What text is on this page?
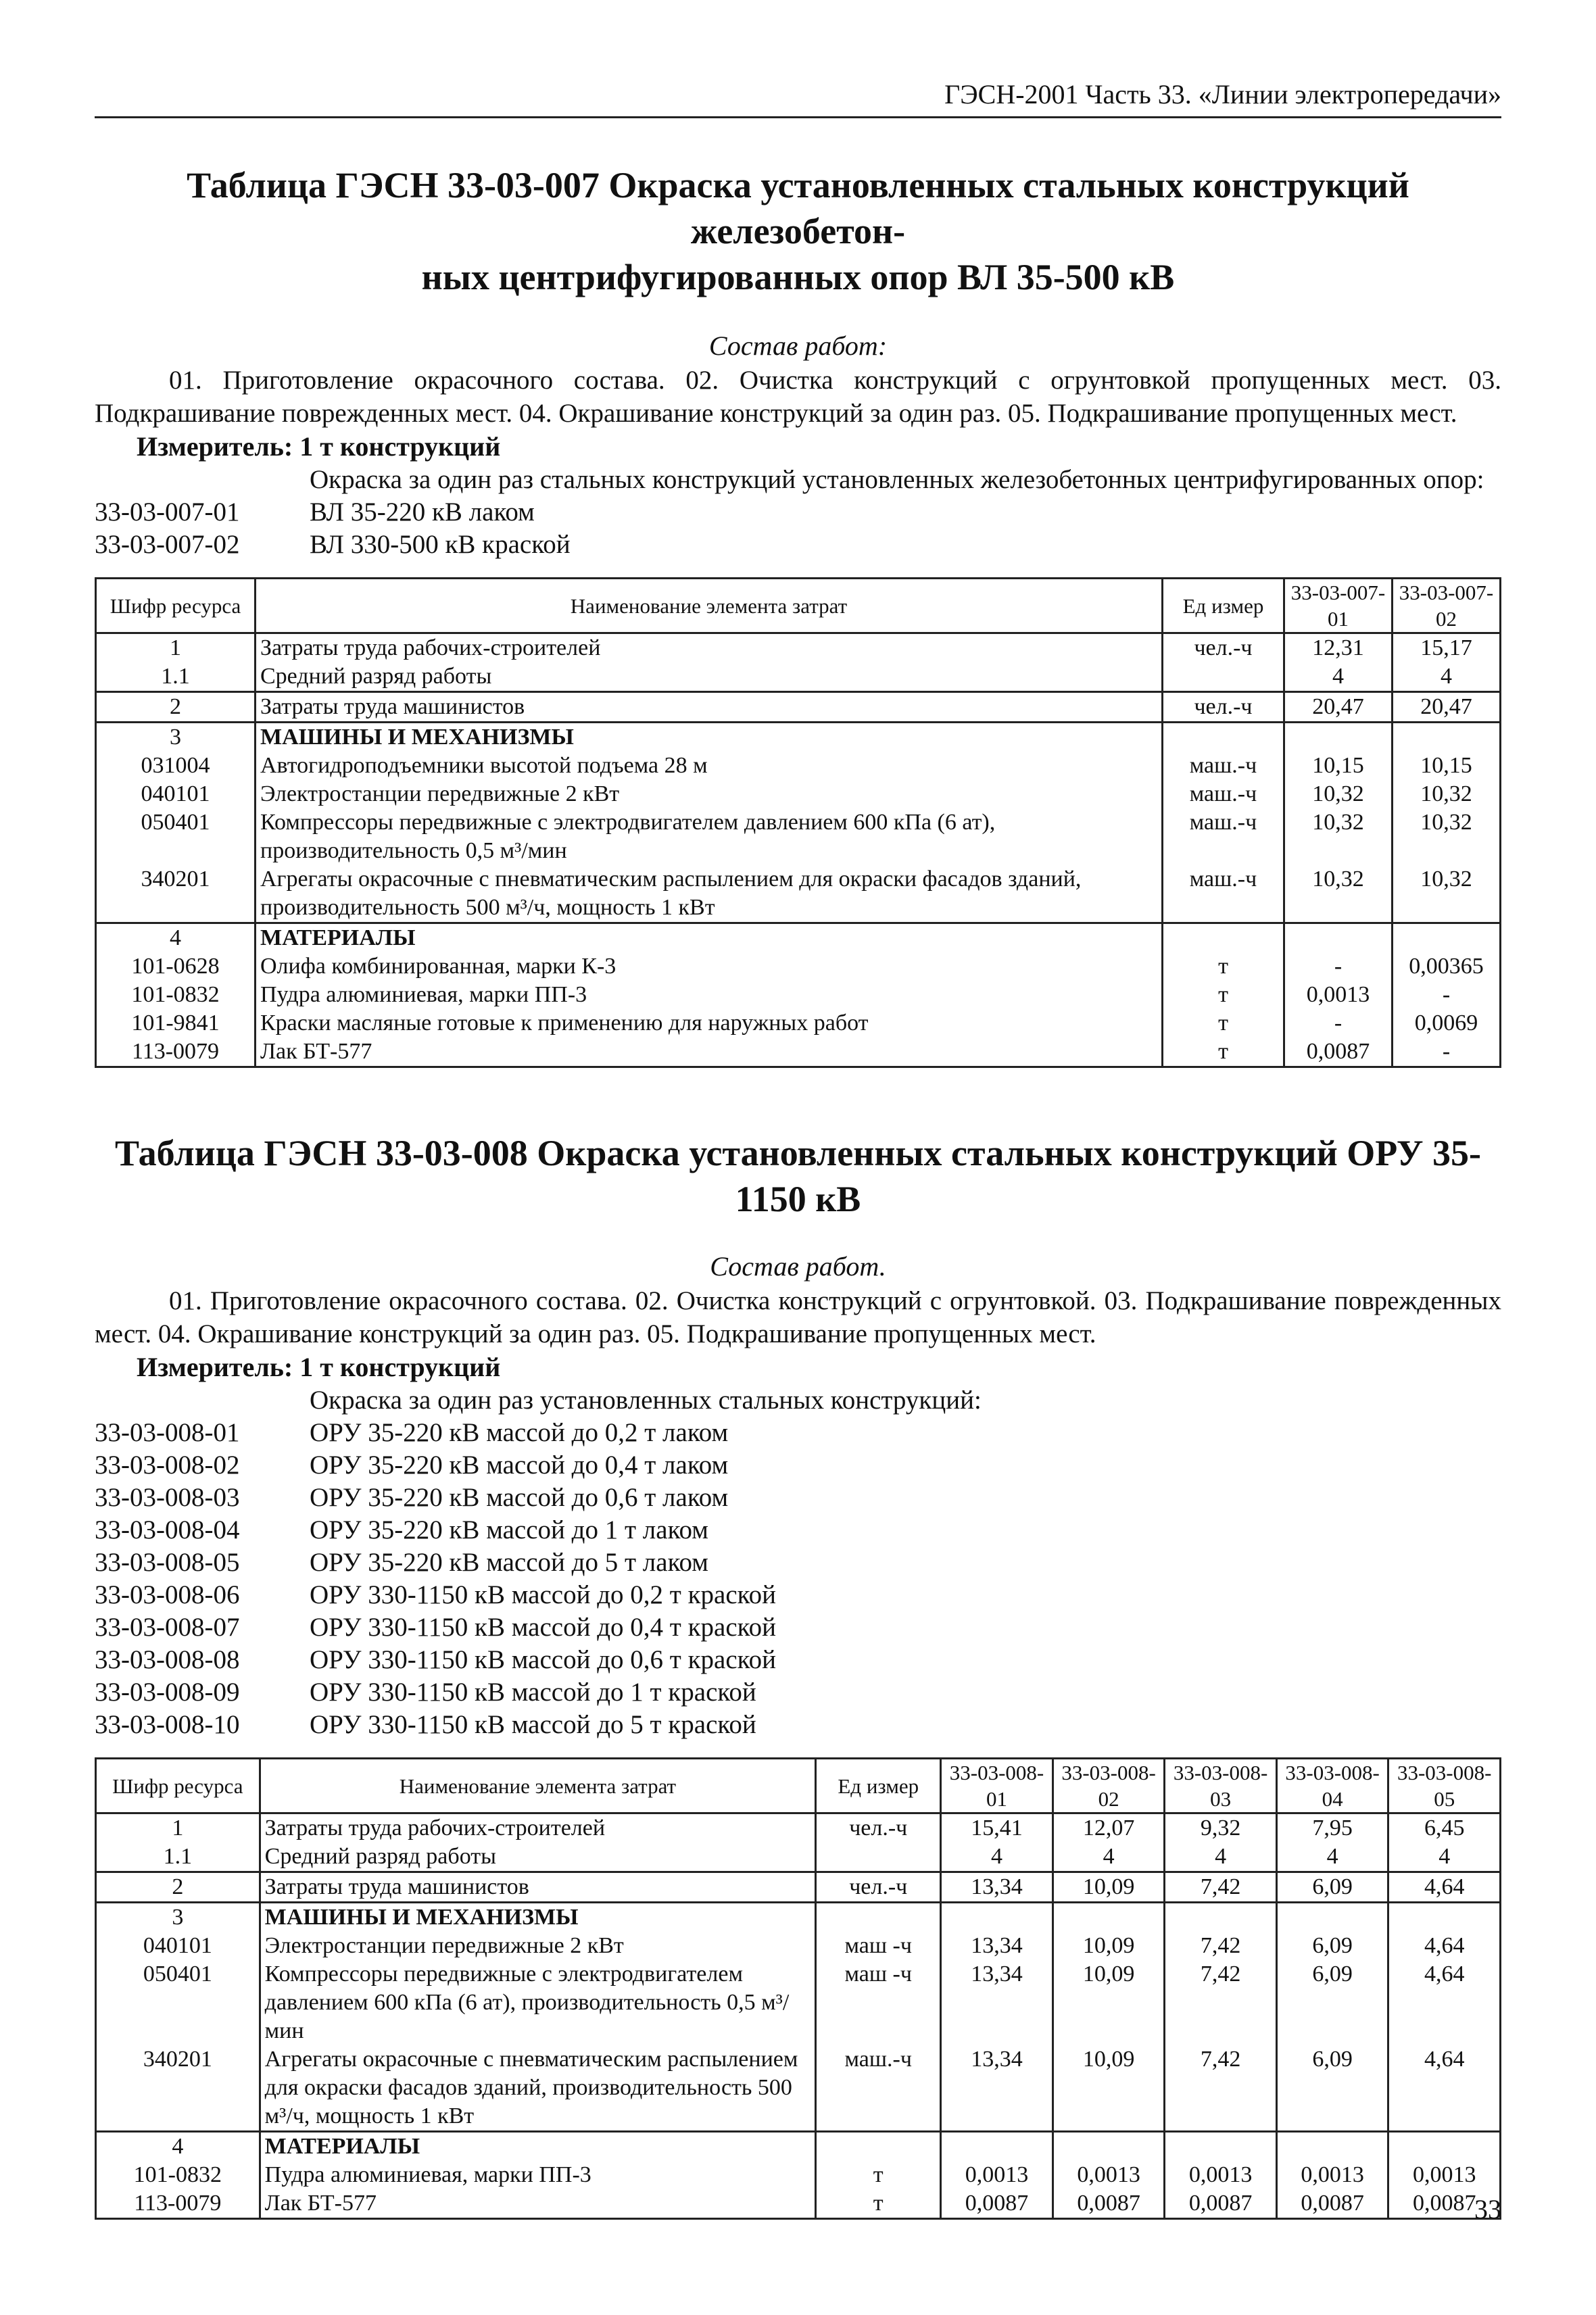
ГЭСН-2001 Часть 33. «Линии электропередачи»
Таблица ГЭСН 33-03-007 Окраска установленных стальных конструкций железобетон-
ных центрифугированных опор ВЛ 35-500 кВ
Состав работ:
01. Приготовление окрасочного состава. 02. Очистка конструкций с огрунтовкой пропущенных мест. 03. Подкрашивание поврежденных мест. 04. Окрашивание конструкций за один раз. 05. Подкрашивание пропущенных мест.
Измеритель: 1 т конструкций
Окраска за один раз стальных конструкций установленных железобетонных центрифугированных опор:
33-03-007-01	ВЛ 35-220 кВ лаком
33-03-007-02	ВЛ 330-500 кВ краской
Шифр ресурса	Наименование элемента затрат	Ед измер	33-03-007-01	33-03-007-02
1	Затраты труда рабочих-строителей	чел.-ч	12,31	15,17
1.1	Средний разряд работы		4	4
2	Затраты труда машинистов	чел.-ч	20,47	20,47
3	МАШИНЫ И МЕХАНИЗМЫ			
031004	Автогидроподъемники высотой подъема 28 м	маш.-ч	10,15	10,15
040101	Электростанции передвижные 2 кВт	маш.-ч	10,32	10,32
050401	Компрессоры передвижные с электродвигателем давлением 600 кПа (6 ат), производительность 0,5 м³/мин	маш.-ч	10,32	10,32
340201	Агрегаты окрасочные с пневматическим распылением для окраски фасадов зданий, производительность 500 м³/ч, мощность 1 кВт	маш.-ч	10,32	10,32
4	МАТЕРИАЛЫ			
101-0628	Олифа комбинированная, марки К-3	т	-	0,00365
101-0832	Пудра алюминиевая, марки ПП-3	т	0,0013	-
101-9841	Краски масляные готовые к применению для наружных работ	т	-	0,0069
113-0079	Лак БТ-577	т	0,0087	-
Таблица ГЭСН 33-03-008 Окраска установленных стальных конструкций ОРУ 35-1150 кВ
Состав работ.
01. Приготовление окрасочного состава. 02. Очистка конструкций с огрунтовкой. 03. Подкрашивание поврежденных мест. 04. Окрашивание конструкций за один раз. 05. Подкрашивание пропущенных мест.
Измеритель: 1 т конструкций
Окраска за один раз установленных стальных конструкций:
33-03-008-01	ОРУ 35-220 кВ массой до 0,2 т лаком
33-03-008-02	ОРУ 35-220 кВ массой до 0,4 т лаком
33-03-008-03	ОРУ 35-220 кВ массой до 0,6 т лаком
33-03-008-04	ОРУ 35-220 кВ массой до 1 т лаком
33-03-008-05	ОРУ 35-220 кВ массой до 5 т лаком
33-03-008-06	ОРУ 330-1150 кВ массой до 0,2 т краской
33-03-008-07	ОРУ 330-1150 кВ массой до 0,4 т краской
33-03-008-08	ОРУ 330-1150 кВ массой до 0,6 т краской
33-03-008-09	ОРУ 330-1150 кВ массой до 1 т краской
33-03-008-10	ОРУ 330-1150 кВ массой до 5 т краской
Шифр ресурса	Наименование элемента затрат	Ед измер	33-03-008-01	33-03-008-02	33-03-008-03	33-03-008-04	33-03-008-05
1	Затраты труда рабочих-строителей	чел.-ч	15,41	12,07	9,32	7,95	6,45
1.1	Средний разряд работы		4	4	4	4	4
2	Затраты труда машинистов	чел.-ч	13,34	10,09	7,42	6,09	4,64
3	МАШИНЫ И МЕХАНИЗМЫ						
040101	Электростанции передвижные 2 кВт	маш -ч	13,34	10,09	7,42	6,09	4,64
050401	Компрессоры передвижные с электродвигателем давлением 600 кПа (6 ат), производительность 0,5 м³/мин	маш -ч	13,34	10,09	7,42	6,09	4,64
340201	Агрегаты окрасочные с пневматическим распылением для окраски фасадов зданий, производительность 500 м³/ч, мощность 1 кВт	маш.-ч	13,34	10,09	7,42	6,09	4,64
4	МАТЕРИАЛЫ						
101-0832	Пудра алюминиевая, марки ПП-3	т	0,0013	0,0013	0,0013	0,0013	0,0013
113-0079	Лак БТ-577	т	0,0087	0,0087	0,0087	0,0087	0,0087
33
